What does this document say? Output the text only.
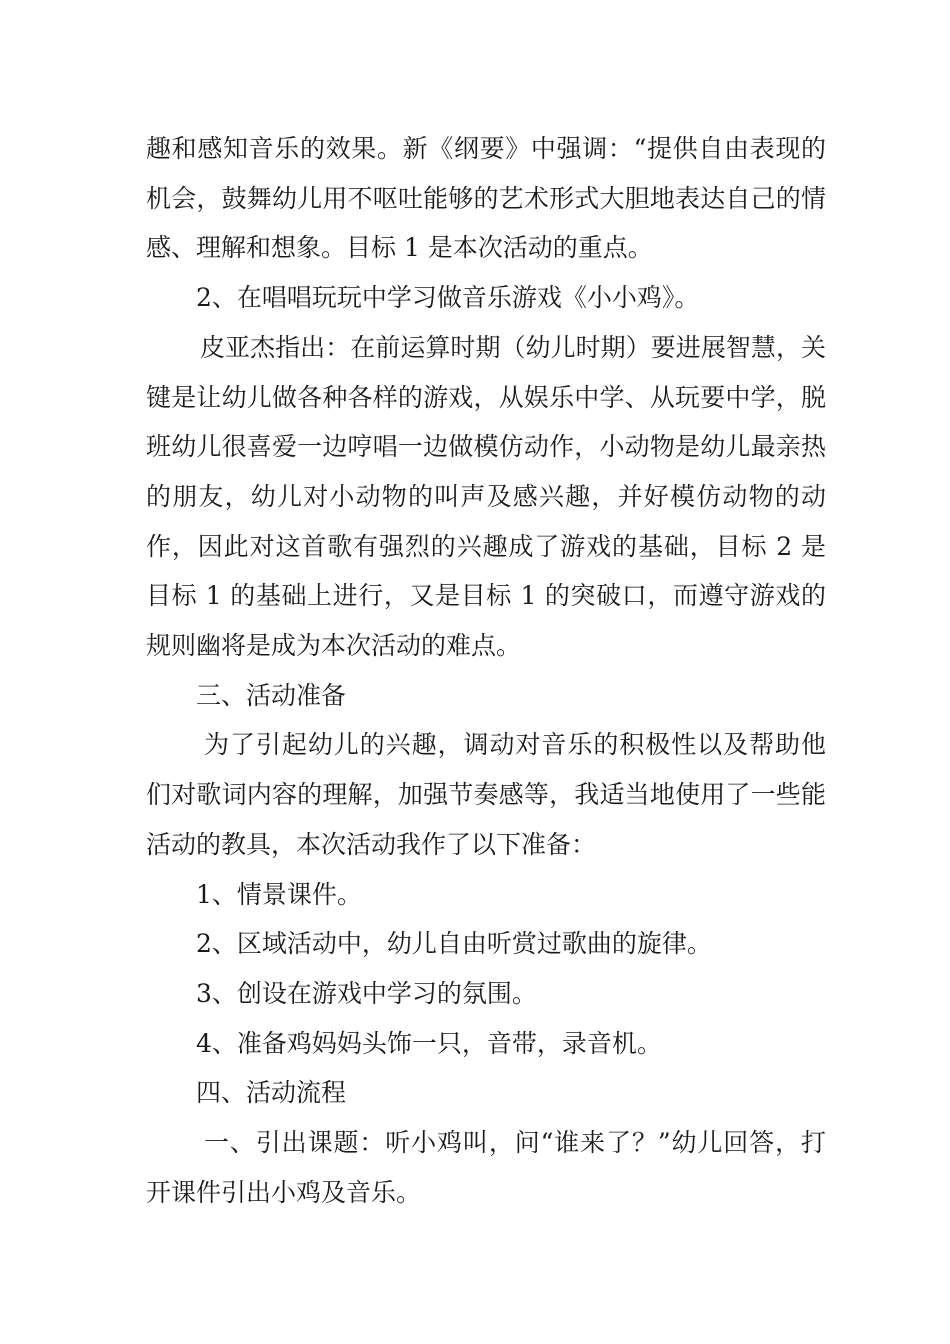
趣和感知音乐的效果。新《纲要》中强调：“提供自由表现的机会，鼓舞幼儿用不呕吐能够的艺术形式大胆地表达自己的情感、理解和想象。目标 1 是本次活动的重点。

2、在唱唱玩玩中学习做音乐游戏《小小鸡》。

皮亚杰指出：在前运算时期（幼儿时期）要进展智慧，关键是让幼儿做各种各样的游戏，从娱乐中学、从玩要中学，脱班幼儿很喜爱一边哼唱一边做模仿动作，小动物是幼儿最亲热的朋友，幼儿对小动物的叫声及感兴趣，并好模仿动物的动作，因此对这首歌有强烈的兴趣成了游戏的基础，目标 2 是目标 1 的基础上进行，又是目标 1 的突破口，而遵守游戏的规则幽将是成为本次活动的难点。

三、活动准备

为了引起幼儿的兴趣，调动对音乐的积极性以及帮助他们对歌词内容的理解，加强节奏感等，我适当地使用了一些能活动的教具，本次活动我作了以下准备：

1、情景课件。

2、区域活动中，幼儿自由听赏过歌曲的旋律。

3、创设在游戏中学习的氛围。

4、准备鸡妈妈头饰一只，音带，录音机。

四、活动流程

一、引出课题：听小鸡叫，问“谁来了？”幼儿回答，打开课件引出小鸡及音乐。
